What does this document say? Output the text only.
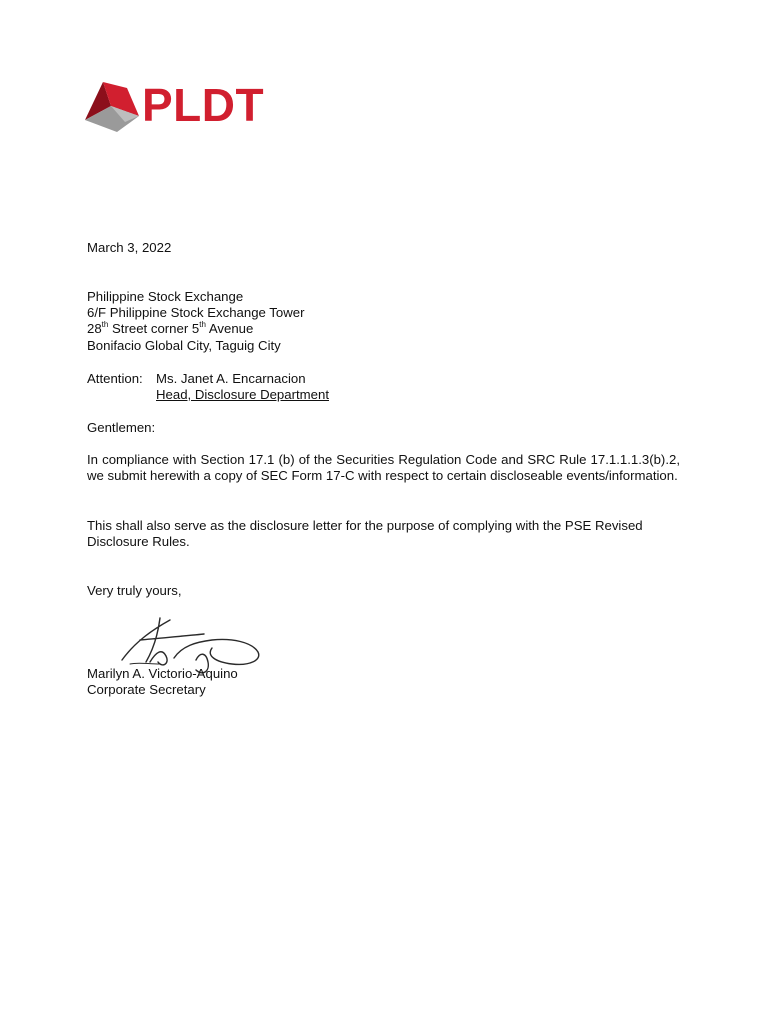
PLDT
March 3, 2022
Philippine Stock Exchange
6/F Philippine Stock Exchange Tower
28th Street corner 5th Avenue
Bonifacio Global City, Taguig City
Attention:	Ms. Janet A. Encarnacion
Head, Disclosure Department
Gentlemen:
In compliance with Section 17.1 (b) of the Securities Regulation Code and SRC Rule 17.1.1.1.3(b).2, we submit herewith a copy of SEC Form 17-C with respect to certain discloseable events/information.
This shall also serve as the disclosure letter for the purpose of complying with the PSE Revised Disclosure Rules.
Very truly yours,
Marilyn A. Victorio-Aquino
Corporate Secretary
